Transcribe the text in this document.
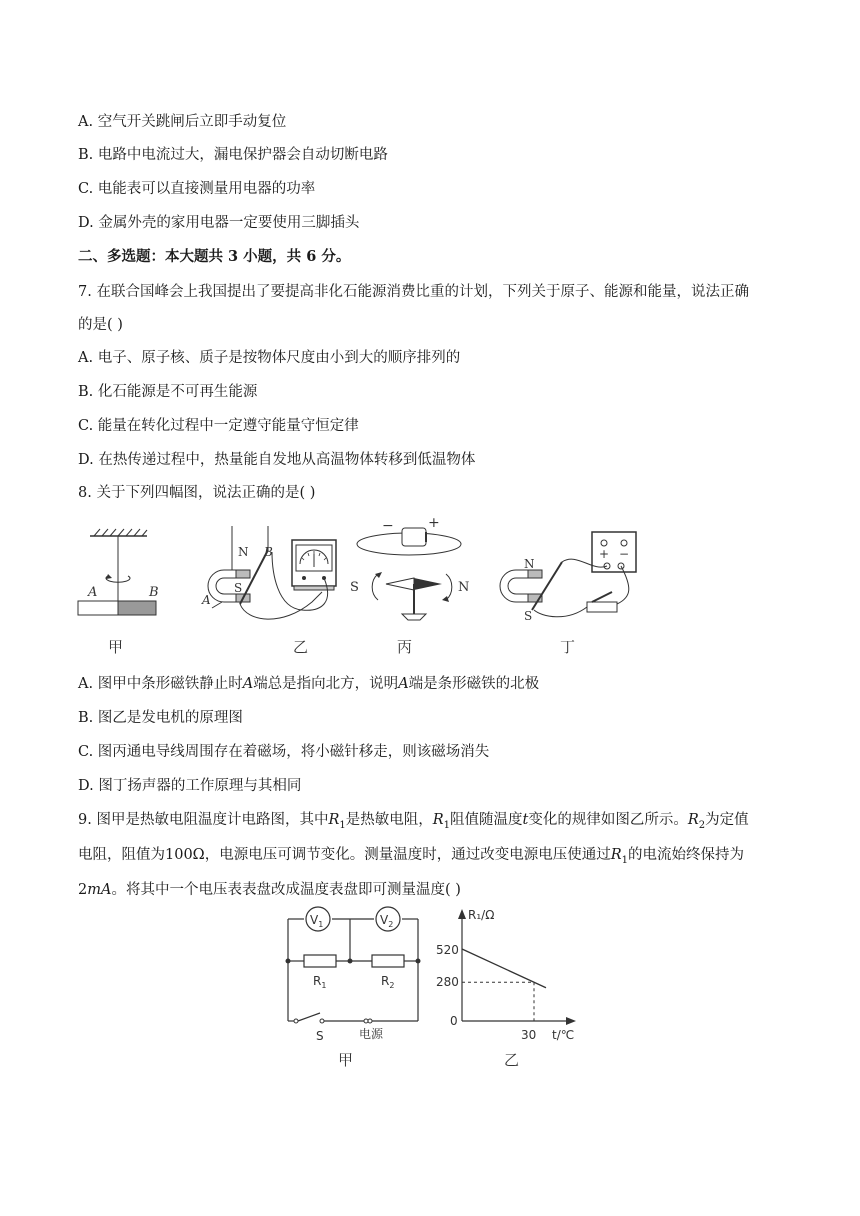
A. 空气开关跳闸后立即手动复位
B. 电路中电流过大，漏电保护器会自动切断电路
C. 电能表可以直接测量用电器的功率
D. 金属外壳的家用电器一定要使用三脚插头
二、多选题：本大题共 3 小题，共 6 分。
7. 在联合国峰会上我国提出了要提高非化石能源消费比重的计划，下列关于原子、能源和能量，说法正确
的是( )
A. 电子、原子核、质子是按物体尺度由小到大的顺序排列的
B. 化石能源是不可再生能源
C. 能量在转化过程中一定遵守能量守恒定律
D. 在热传递过程中，热量能自发地从高温物体转移到低温物体
8. 关于下列四幅图，说法正确的是( )
A	B
甲
N B
S
A
乙
− +
S	N
丙
N
S
+ −
丁
A. 图甲中条形磁铁静止时A端总是指向北方，说明A端是条形磁铁的北极
B. 图乙是发电机的原理图
C. 图丙通电导线周围存在着磁场，将小磁针移走，则该磁场消失
D. 图丁扬声器的工作原理与其相同
9. 图甲是热敏电阻温度计电路图，其中$R_1$是热敏电阻，$R_1$阻值随温度t变化的规律如图乙所示。$R_2$为定值
电阻，阻值为100Ω，电源电压可调节变化。测量温度时，通过改变电源电压使通过$R_1$的电流始终保持为
2mA。将其中一个电压表表盘改成温度表盘即可测量温度( )
$V_1$	$V_2$
$R_1$	$R_2$
S	电源
甲
R₁/Ω
t/℃
520
280
0
30
乙
